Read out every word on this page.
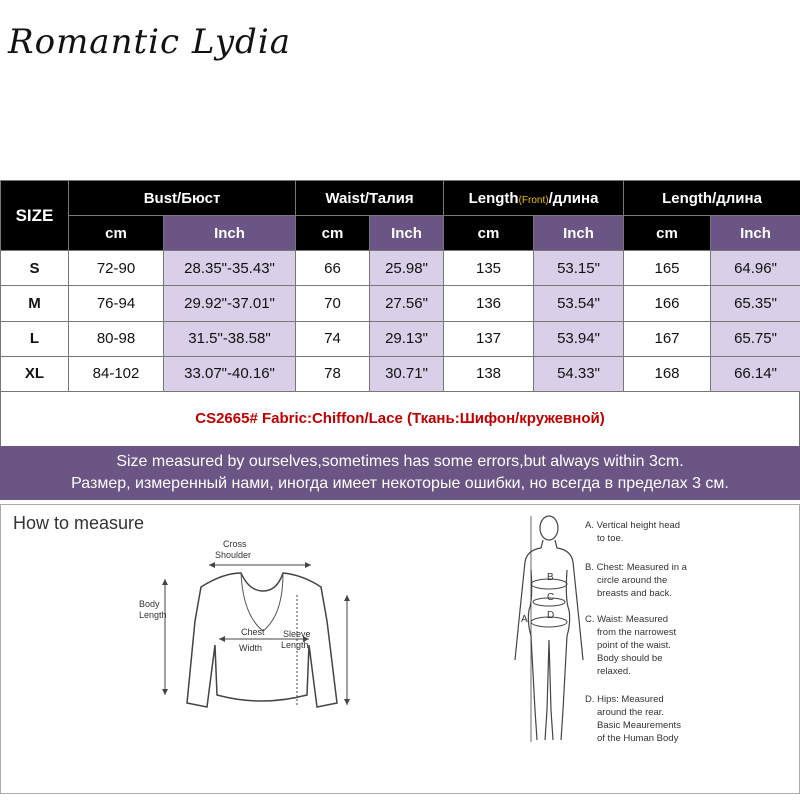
Romantic Lydia
SIZE	Bust/Бюст		Waist/Талия		Length(Front)/длина		Length/длина	
	cm	Inch	cm	Inch	cm	Inch	cm	Inch
S	72-90	28.35"-35.43"	66	25.98"	135	53.15"	165	64.96"
M	76-94	29.92"-37.01"	70	27.56"	136	53.54"	166	65.35"
L	80-98	31.5"-38.58"	74	29.13"	137	53.94"	167	65.75"
XL	84-102	33.07"-40.16"	78	30.71"	138	54.33"	168	66.14"
CS2665# Fabric:Chiffon/Lace (Ткань:Шифон/кружевной)
Size measured by ourselves,sometimes has some errors,but always within 3cm.
Размер, измеренный нами, иногда имеет некоторые ошибки, но всегда в пределах 3 см.
How to measure
Cross
Shoulder
Body
Length
Chest
Width
Sleeve
Length
A
B
C
D
A. Vertical height head
to toe.
B. Chest: Measured in a
circle around the
breasts and back.
C. Waist: Measured
from the narrowest
point of the waist.
Body should be
relaxed.
D. Hips: Measured
around the rear.
Basic Meaurements
of the Human Body
